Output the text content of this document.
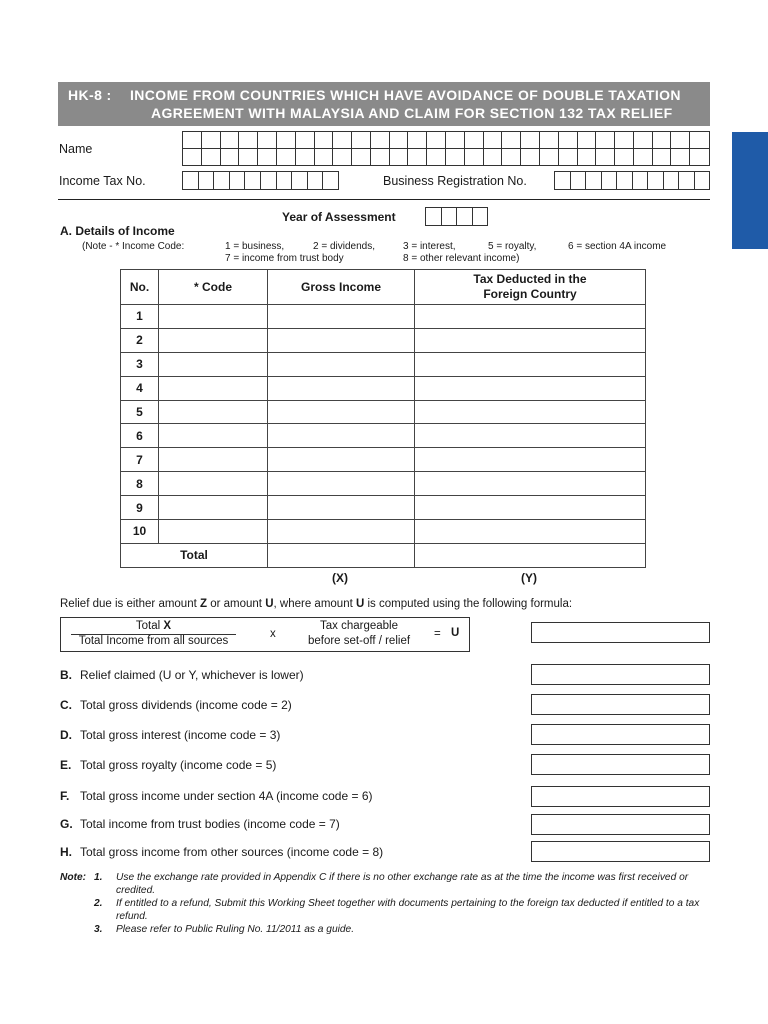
HK-8 : INCOME FROM COUNTRIES WHICH HAVE AVOIDANCE OF DOUBLE TAXATION
AGREEMENT WITH MALAYSIA AND CLAIM FOR SECTION 132 TAX RELIEF
Name
Income Tax No.	Business Registration No.
Year of Assessment
A. Details of Income
(Note - * Income Code:	1 = business,	2 = dividends,	3 = interest,	5 = royalty,	6 = section 4A income
7 = income from trust body	8 = other relevant income)
No.	* Code	Gross Income	Tax Deducted in the Foreign Country

1			
2			
3			
4			
5			
6			
7			
8			
9			
10			
Total			
(X)	(Y)
Relief due is either amount Z or amount U, where amount U is computed using the following formula:
Total X
Total Income from all sources
x
Tax chargeable
before set-off / relief
= U
B. Relief claimed (U or Y, whichever is lower)
C. Total gross dividends (income code = 2)
D. Total gross interest (income code = 3)
E. Total gross royalty (income code = 5)
F. Total gross income under section 4A (income code = 6)
G. Total income from trust bodies (income code = 7)
H. Total gross income from other sources (income code = 8)
Note: 1.	Use the exchange rate provided in Appendix C if there is no other exchange rate as at the time the income was first received or credited.
2.	If entitled to a refund, Submit this Working Sheet together with documents pertaining to the foreign tax deducted if entitled to a tax refund.
3.	Please refer to Public Ruling No. 11/2011 as a guide.
